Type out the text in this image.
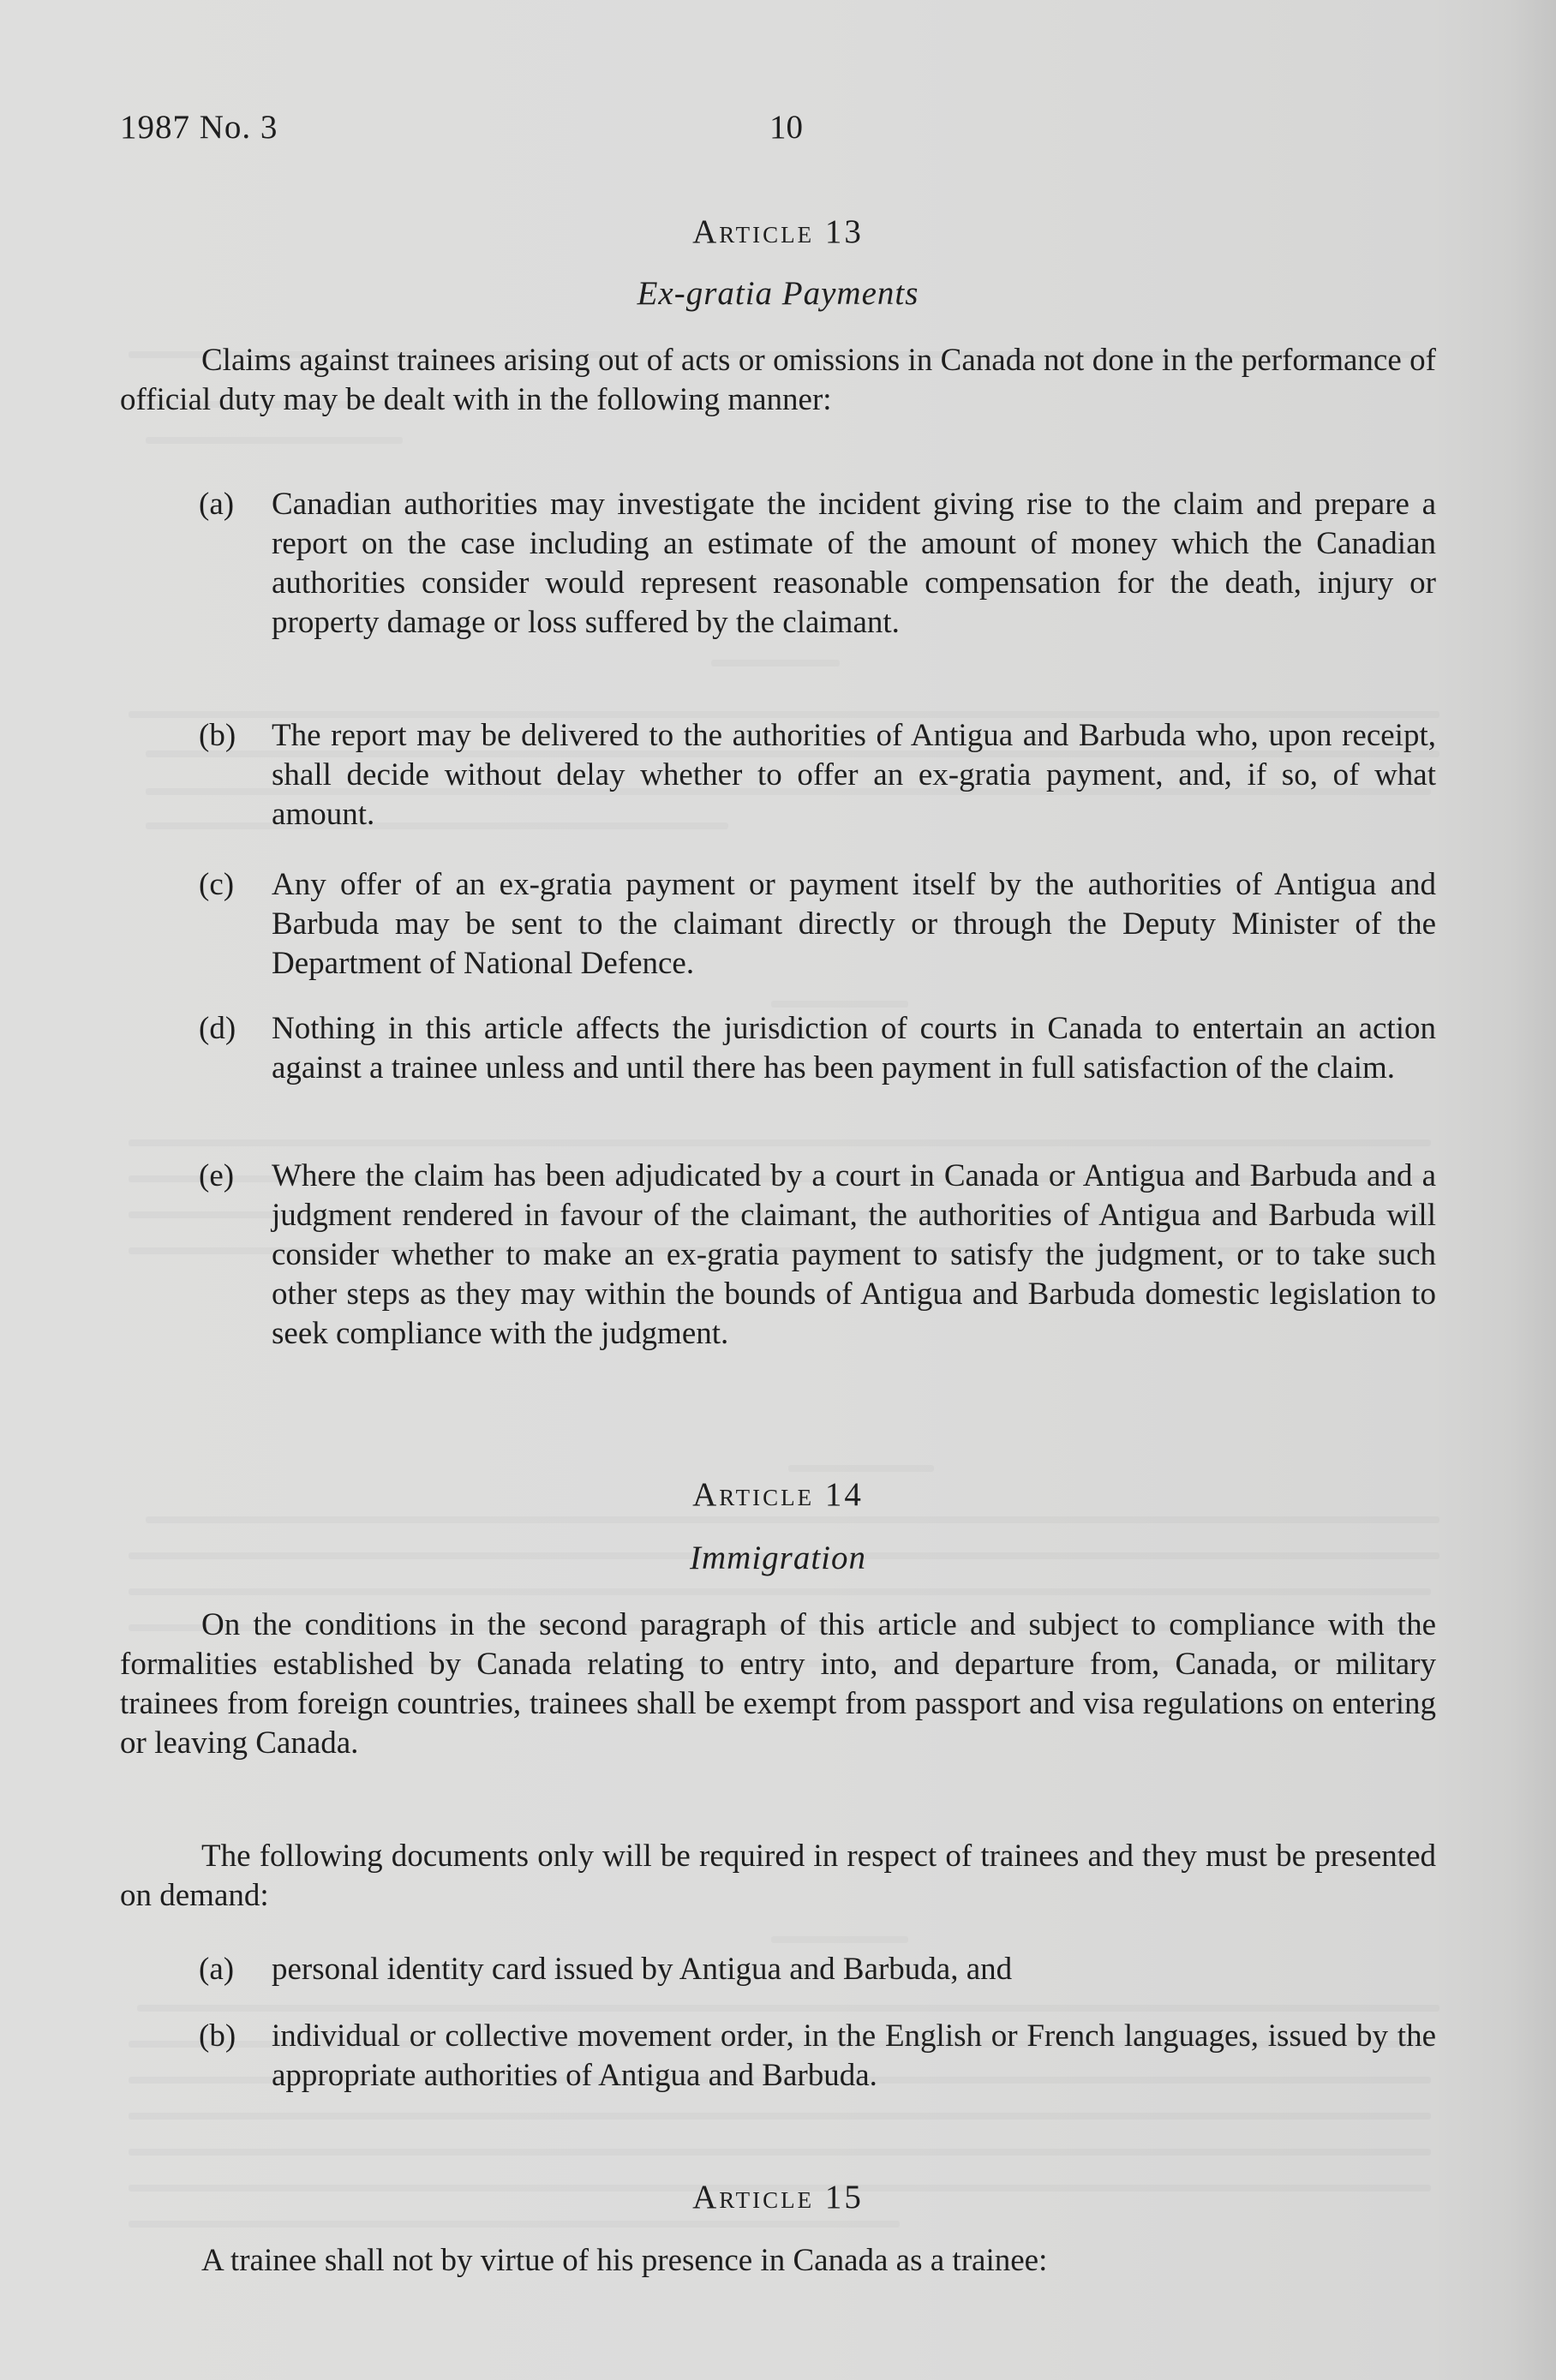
1987 No. 3	10
Article 13
Ex-gratia Payments
Claims against trainees arising out of acts or omissions in Canada not done in the performance of official duty may be dealt with in the following manner:
(a)	Canadian authorities may investigate the incident giving rise to the claim and prepare a report on the case including an estimate of the amount of money which the Canadian authorities consider would represent reasonable compensation for the death, injury or property damage or loss suffered by the claimant.
(b)	The report may be delivered to the authorities of Antigua and Barbuda who, upon receipt, shall decide without delay whether to offer an ex-gratia payment, and, if so, of what amount.
(c)	Any offer of an ex-gratia payment or payment itself by the authorities of Antigua and Barbuda may be sent to the claimant directly or through the Deputy Minister of the Department of National Defence.
(d)	Nothing in this article affects the jurisdiction of courts in Canada to entertain an action against a trainee unless and until there has been payment in full satisfaction of the claim.
(e)	Where the claim has been adjudicated by a court in Canada or Antigua and Barbuda and a judgment rendered in favour of the claimant, the authorities of Antigua and Barbuda will consider whether to make an ex-gratia payment to satisfy the judgment, or to take such other steps as they may within the bounds of Antigua and Barbuda domestic legislation to seek compliance with the judgment.
Article 14
Immigration
On the conditions in the second paragraph of this article and subject to compliance with the formalities established by Canada relating to entry into, and departure from, Canada, or military trainees from foreign countries, trainees shall be exempt from passport and visa regulations on entering or leaving Canada.
The following documents only will be required in respect of trainees and they must be presented on demand:
(a)	personal identity card issued by Antigua and Barbuda, and
(b)	individual or collective movement order, in the English or French languages, issued by the appropriate authorities of Antigua and Barbuda.
Article 15
A trainee shall not by virtue of his presence in Canada as a trainee:
